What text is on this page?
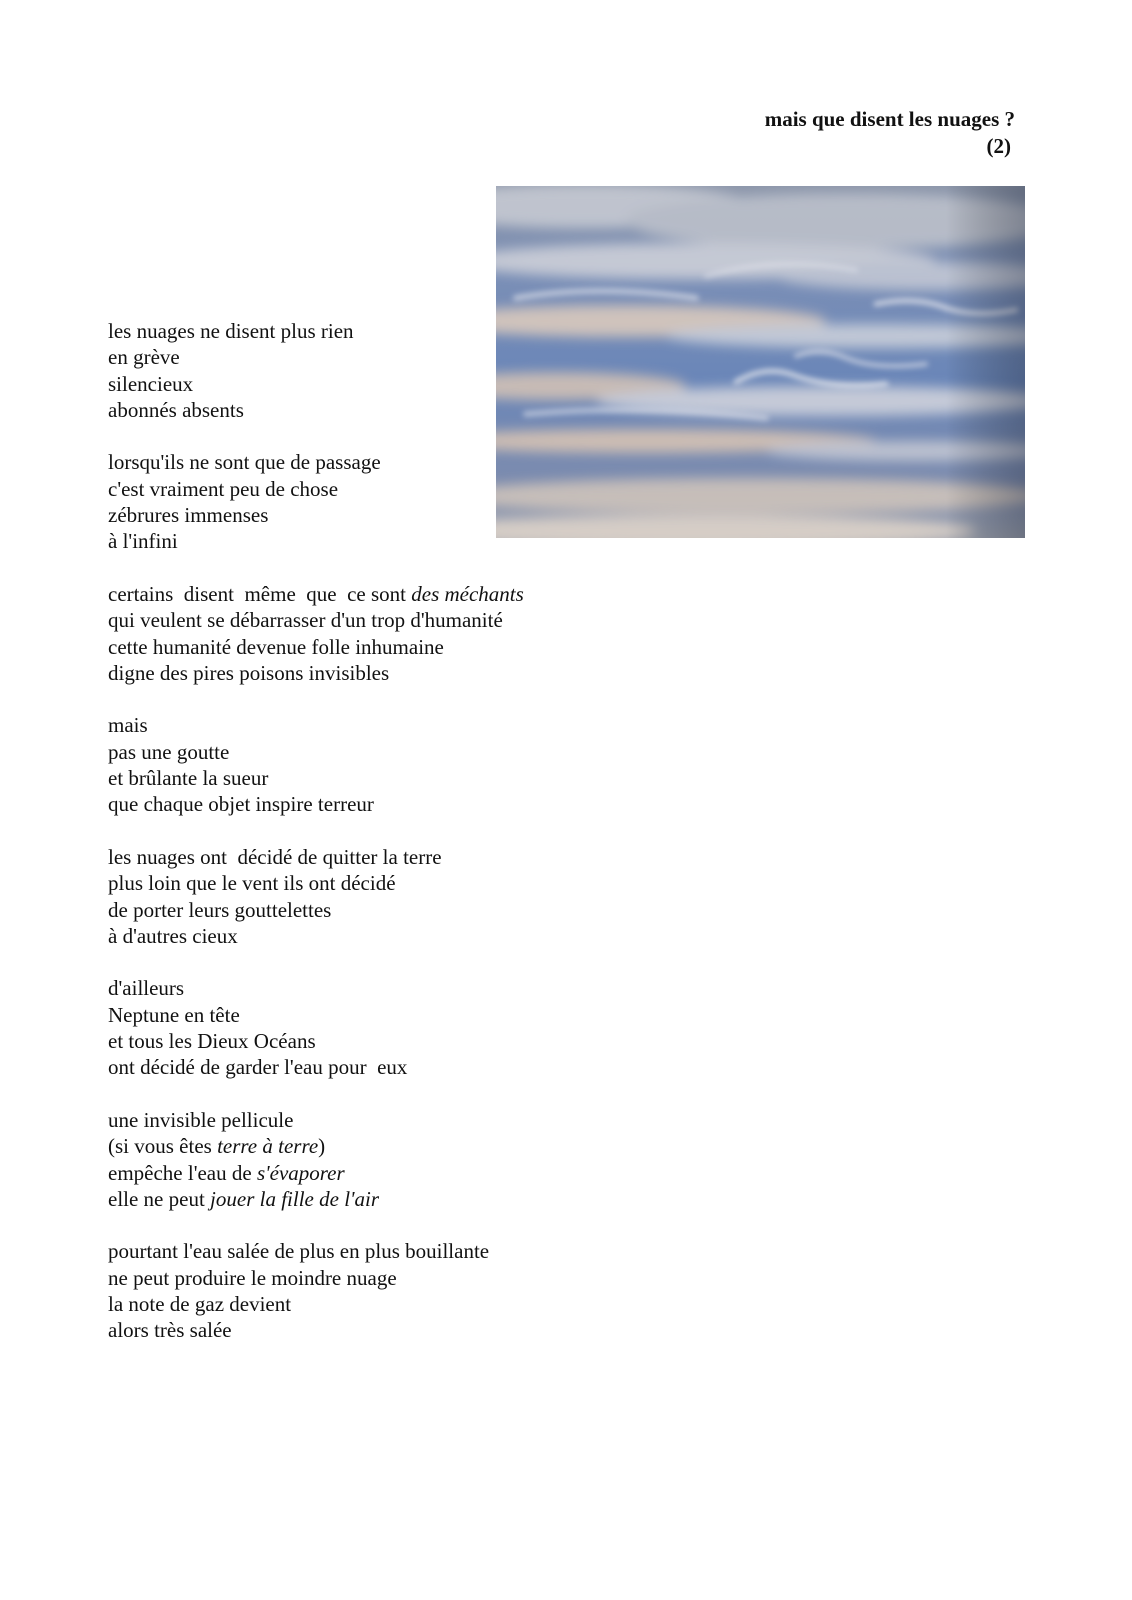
mais que disent les nuages ?
(2)
les nuages ne disent plus rien
en grève
silencieux
abonnés absents
lorsqu'ils ne sont que de passage
c'est vraiment peu de chose
zébrures immenses
à l'infini
certains  disent  même  que  ce sont des méchants
qui veulent se débarrasser d'un trop d'humanité
cette humanité devenue folle inhumaine
digne des pires poisons invisibles
mais
pas une goutte
et brûlante la sueur
que chaque objet inspire terreur
les nuages ont  décidé de quitter la terre
plus loin que le vent ils ont décidé
de porter leurs gouttelettes
à d'autres cieux
d'ailleurs
Neptune en tête
et tous les Dieux Océans
ont décidé de garder l'eau pour  eux
une invisible pellicule
(si vous êtes terre à terre)
empêche l'eau de s'évaporer
elle ne peut jouer la fille de l'air
pourtant l'eau salée de plus en plus bouillante
ne peut produire le moindre nuage
la note de gaz devient
alors très salée
